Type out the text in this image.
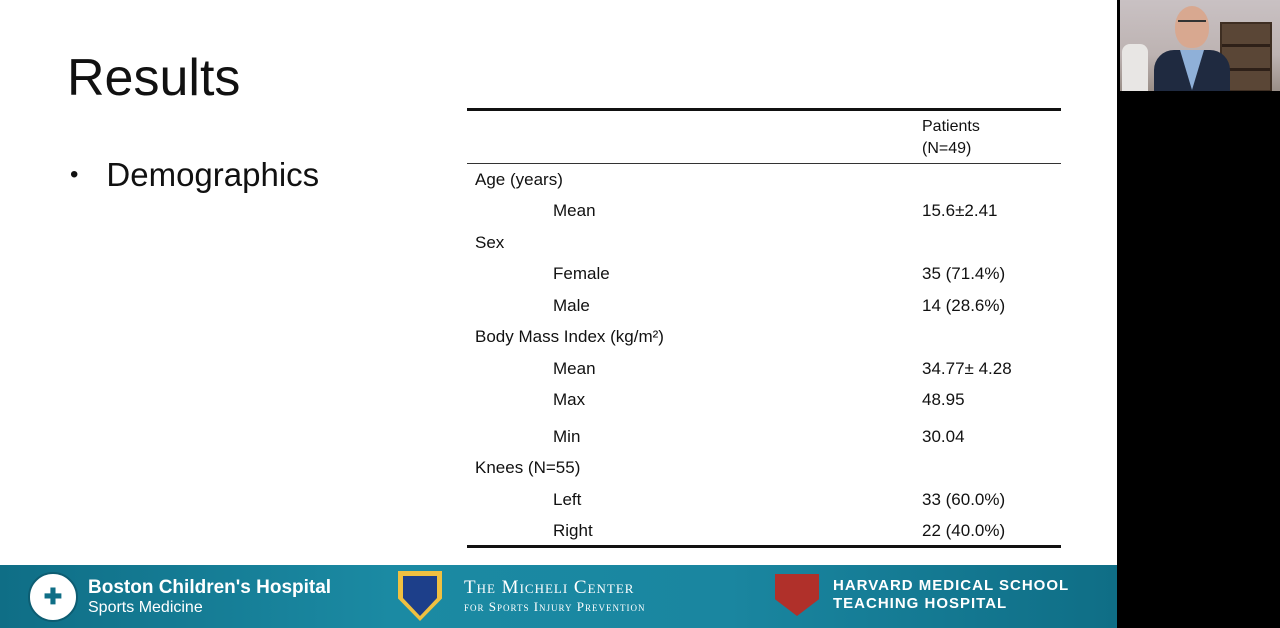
Results
• Demographics
Patients
(N=49)
Age (years)
Mean	15.6±2.41
Sex
Female	35 (71.4%)
Male	14 (28.6%)
Body Mass Index (kg/m²)
Mean	34.77± 4.28
Max	48.95
Min	30.04
Knees (N=55)
Left	33 (60.0%)
Right	22 (40.0%)
✚	Boston Children's Hospital
Sports Medicine
The Micheli Center
for Sports Injury Prevention
HARVARD MEDICAL SCHOOL
TEACHING HOSPITAL
